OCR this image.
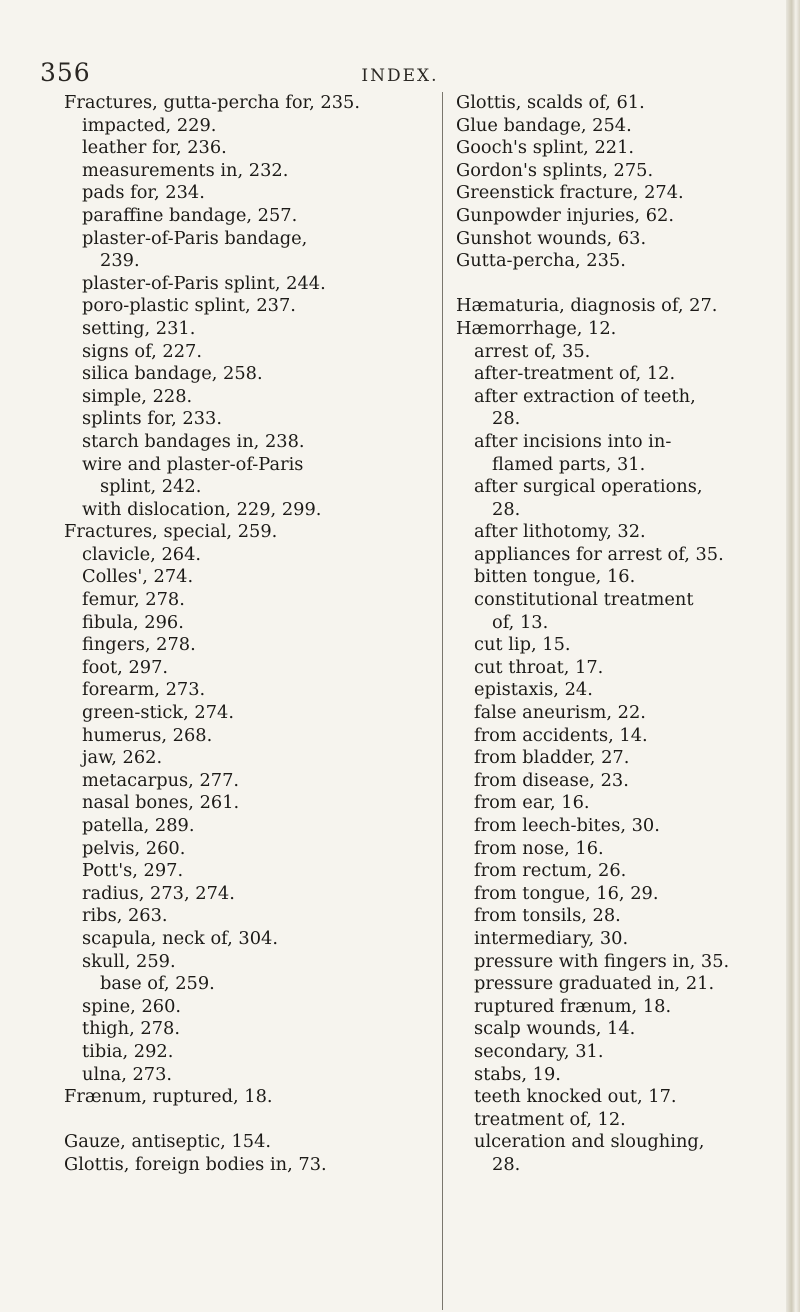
356	INDEX.
Fractures, gutta-percha for, 235.
impacted, 229.
leather for, 236.
measurements in, 232.
pads for, 234.
paraffine bandage, 257.
plaster-of-Paris bandage,
239.
plaster-of-Paris splint, 244.
poro-plastic splint, 237.
setting, 231.
signs of, 227.
silica bandage, 258.
simple, 228.
splints for, 233.
starch bandages in, 238.
wire and plaster-of-Paris
splint, 242.
with dislocation, 229, 299.
Fractures, special, 259.
clavicle, 264.
Colles', 274.
femur, 278.
fibula, 296.
fingers, 278.
foot, 297.
forearm, 273.
green-stick, 274.
humerus, 268.
jaw, 262.
metacarpus, 277.
nasal bones, 261.
patella, 289.
pelvis, 260.
Pott's, 297.
radius, 273, 274.
ribs, 263.
scapula, neck of, 304.
skull, 259.
base of, 259.
spine, 260.
thigh, 278.
tibia, 292.
ulna, 273.
Frænum, ruptured, 18.
Gauze, antiseptic, 154.
Glottis, foreign bodies in, 73.
Glottis, scalds of, 61.
Glue bandage, 254.
Gooch's splint, 221.
Gordon's splints, 275.
Greenstick fracture, 274.
Gunpowder injuries, 62.
Gunshot wounds, 63.
Gutta-percha, 235.
Hæmaturia, diagnosis of, 27.
Hæmorrhage, 12.
arrest of, 35.
after-treatment of, 12.
after extraction of teeth,
28.
after incisions into in-
flamed parts, 31.
after surgical operations,
28.
after lithotomy, 32.
appliances for arrest of, 35.
bitten tongue, 16.
constitutional treatment
of, 13.
cut lip, 15.
cut throat, 17.
epistaxis, 24.
false aneurism, 22.
from accidents, 14.
from bladder, 27.
from disease, 23.
from ear, 16.
from leech-bites, 30.
from nose, 16.
from rectum, 26.
from tongue, 16, 29.
from tonsils, 28.
intermediary, 30.
pressure with fingers in, 35.
pressure graduated in, 21.
ruptured frænum, 18.
scalp wounds, 14.
secondary, 31.
stabs, 19.
teeth knocked out, 17.
treatment of, 12.
ulceration and sloughing,
28.
